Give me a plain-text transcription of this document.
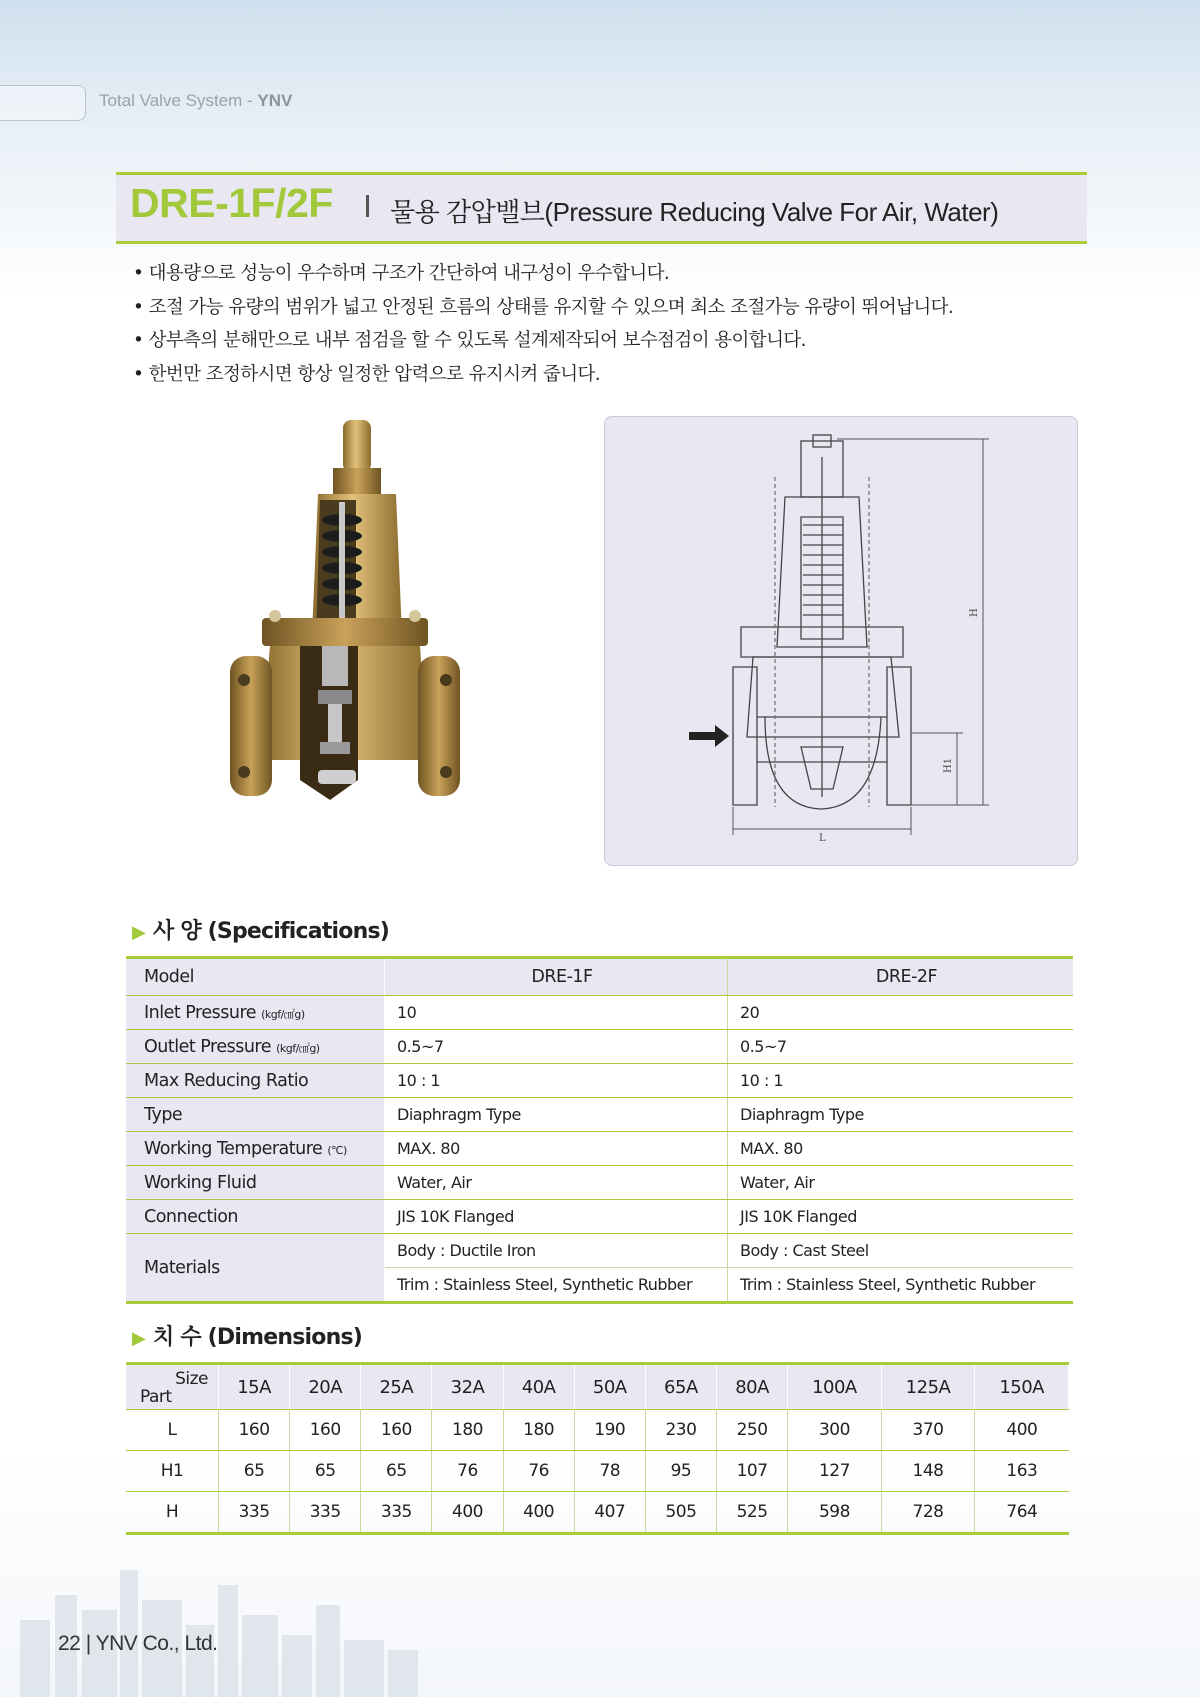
Total Valve System - YNV
DRE-1F/2F 물용 감압밸브(Pressure Reducing Valve For Air, Water)
• 대용량으로 성능이 우수하며 구조가 간단하여 내구성이 우수합니다.
• 조절 가능 유량의 범위가 넓고 안정된 흐름의 상태를 유지할 수 있으며 최소 조절가능 유량이 뛰어납니다.
• 상부측의 분해만으로 내부 점검을 할 수 있도록 설계제작되어 보수점검이 용이합니다.
• 한번만 조정하시면 항상 일정한 압력으로 유지시켜 줍니다.
H
H1
L
▶ 사 양 (Specifications)
Model	DRE-1F	DRE-2F
Inlet Pressure (kgf/㎠g)	10	20
Outlet Pressure (kgf/㎠g)	0.5~7	0.5~7
Max Reducing Ratio	10 : 1	10 : 1
Type	Diaphragm Type	Diaphragm Type
Working Temperature (℃)	MAX. 80	MAX. 80
Working Fluid	Water, Air	Water, Air
Connection	JIS 10K Flanged	JIS 10K Flanged
Materials	Body : Ductile Iron	Body : Cast Steel
	Trim : Stainless Steel, Synthetic Rubber	Trim : Stainless Steel, Synthetic Rubber
▶ 치 수 (Dimensions)
Size
Part	15A	20A	25A	32A	40A	50A	65A	80A	100A	125A	150A
L	160	160	160	180	180	190	230	250	300	370	400
H1	65	65	65	76	76	78	95	107	127	148	163
H	335	335	335	400	400	407	505	525	598	728	764
22 | YNV Co., Ltd.
